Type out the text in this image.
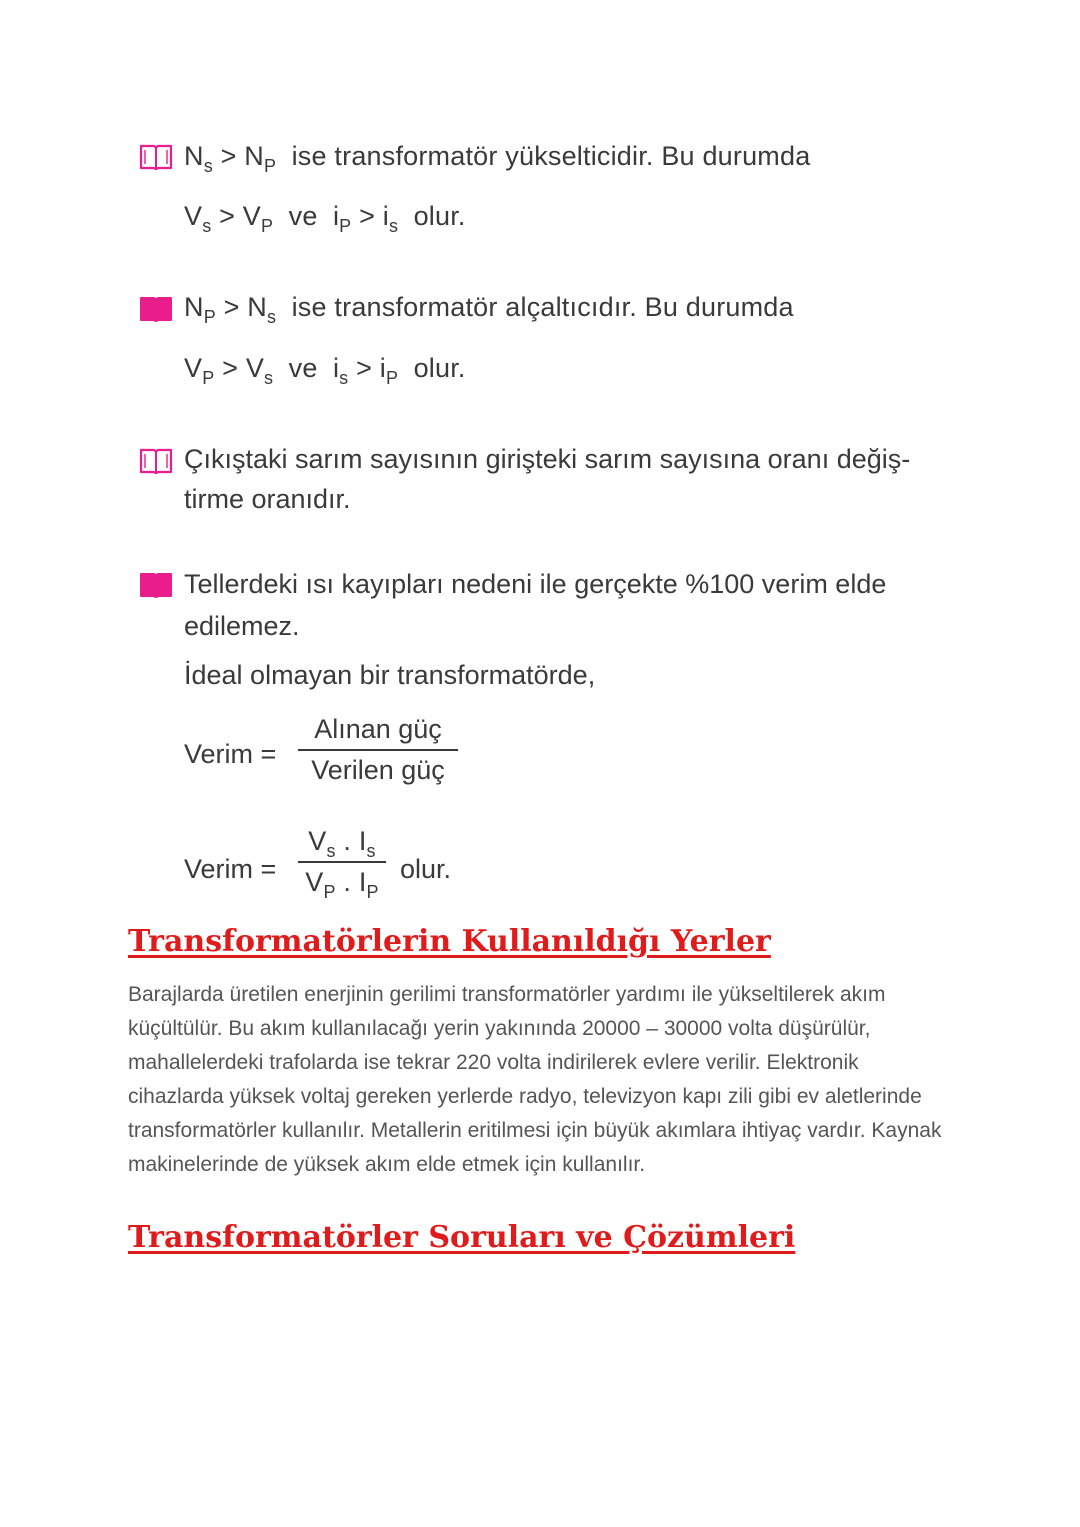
$N_s > N_P$ ise transformatör yükselticidir. Bu durumda
$V_s > V_P$ ve $i_P > i_s$ olur.
$N_P > N_s$ ise transformatör alçaltıcıdır. Bu durumda
$V_P > V_s$ ve $i_s > i_P$ olur.
Çıkıştaki sarım sayısının girişteki sarım sayısına oranı değiş-
tirme oranıdır.
Tellerdeki ısı kayıpları nedeni ile gerçekte %100 verim elde
edilemez.
İdeal olmayan bir transformatörde,
Verim =
Alınan güç
Verilen güç
Verim =
$V_s$ . $I_s$
$V_P$ . $I_P$
olur.
Transformatörlerin Kullanıldığı Yerler

Barajlarda üretilen enerjinin gerilimi transformatörler yardımı ile yükseltilerek akım küçültülür. Bu akım kullanılacağı yerin yakınında 20000 – 30000 volta düşürülür, mahallelerdeki trafolarda ise tekrar 220 volta indirilerek evlere verilir. Elektronik cihazlarda yüksek voltaj gereken yerlerde radyo, televizyon kapı zili gibi ev aletlerinde transformatörler kullanılır. Metallerin eritilmesi için büyük akımlara ihtiyaç vardır. Kaynak makinelerinde de yüksek akım elde etmek için kullanılır.

Transformatörler Soruları ve Çözümleri
